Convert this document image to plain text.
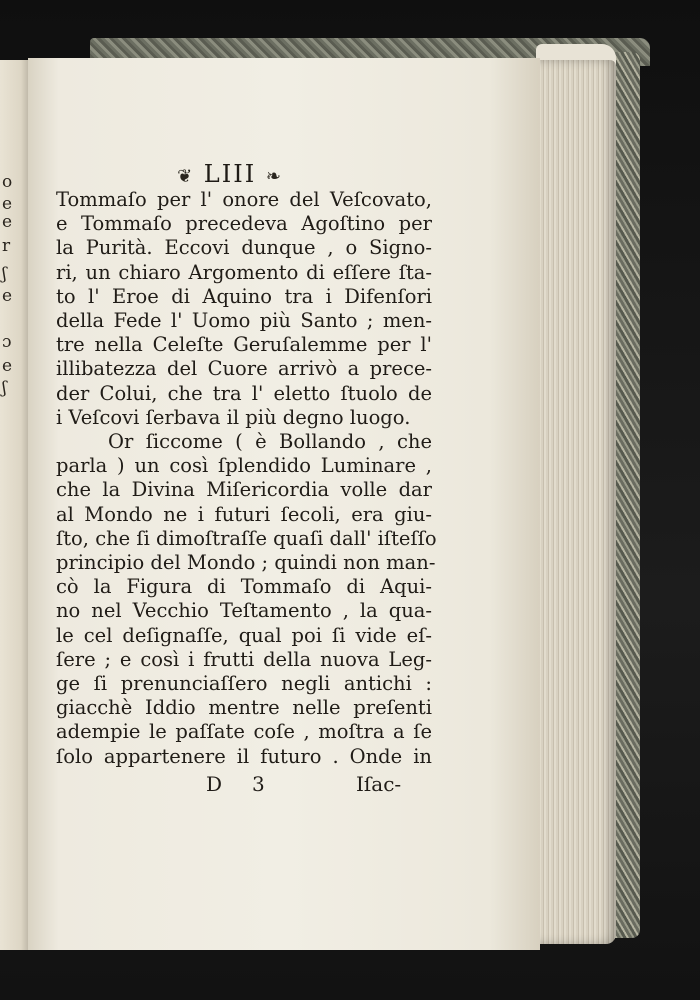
o
e
e
r
ʃ
e
ɔ
e
ʃ
❦ LIII ❧
Tommaſo per l' onore del Veſcovato,
e Tommaſo precedeva Agoſtino per
la Purità. Eccovi dunque , o Signo-
ri, un chiaro Argomento di eſſere ſta-
to l' Eroe di Aquino tra i Difenſori
della Fede l' Uomo più Santo ; men-
tre nella Celeſte Geruſalemme per l'
illibatezza del Cuore arrivò a prece-
der Colui, che tra l' eletto ſtuolo de
i Veſcovi ſerbava il più degno luogo.
Or ſiccome ( è Bollando , che
parla ) un così ſplendido Luminare ,
che la Divina Miſericordia volle dar
al Mondo ne i futuri ſecoli, era giu-
ſto, che ſi dimoſtraſſe quaſi dall' iſteſſo
principio del Mondo ; quindi non man-
cò la Figura di Tommaſo di Aqui-
no nel Vecchio Teſtamento , la qua-
le cel deſignaſſe, qual poi ſi vide eſ-
ſere ; e così i frutti della nuova Leg-
ge ſi prenunciaſſero negli antichi :
giacchè Iddio mentre nelle preſenti
adempie le paſſate coſe , moſtra a ſe
ſolo appartenere il futuro . Onde in
D 3	Iſac-
